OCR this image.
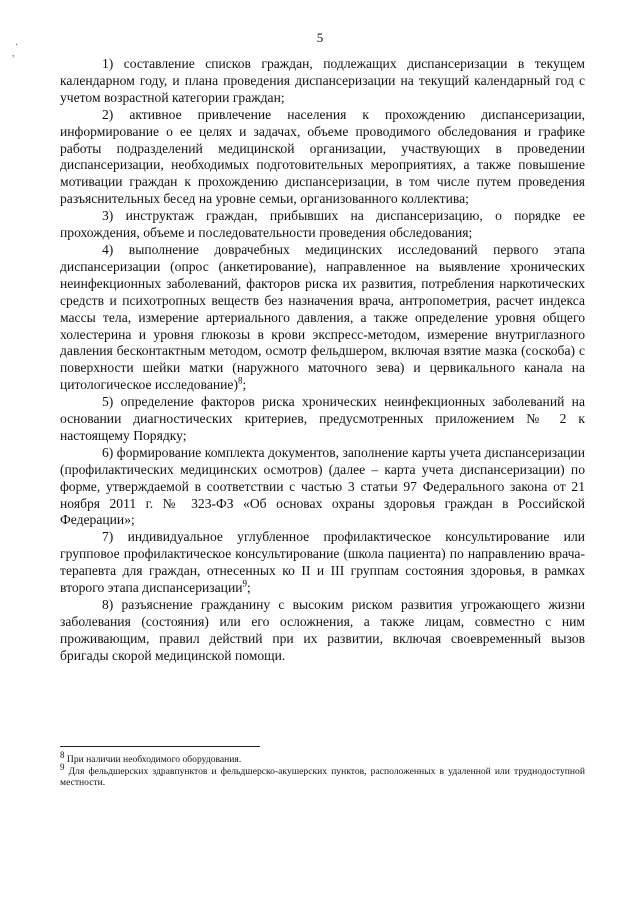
·
,
5

1) составление списков граждан, подлежащих диспансеризации в текущем календарном году, и плана проведения диспансеризации на текущий календарный год с учетом возрастной категории граждан;

2) активное привлечение населения к прохождению диспансеризации, информирование о ее целях и задачах, объеме проводимого обследования и графике работы подразделений медицинской организации, участвующих в проведении диспансеризации, необходимых подготовительных мероприятиях, а также повышение мотивации граждан к прохождению диспансеризации, в том числе путем проведения разъяснительных бесед на уровне семьи, организованного коллектива;

3) инструктаж граждан, прибывших на диспансеризацию, о порядке ее прохождения, объеме и последовательности проведения обследования;

4) выполнение доврачебных медицинских исследований первого этапа диспансеризации (опрос (анкетирование), направленное на выявление хронических неинфекционных заболеваний, факторов риска их развития, потребления наркотических средств и психотропных веществ без назначения врача, антропометрия, расчет индекса массы тела, измерение артериального давления, а также определение уровня общего холестерина и уровня глюкозы в крови экспресс-методом, измерение внутриглазного давления бесконтактным методом, осмотр фельдшером, включая взятие мазка (соскоба) с поверхности шейки матки (наружного маточного зева) и цервикального канала на цитологическое исследование)$^8$;

5) определение факторов риска хронических неинфекционных заболеваний на основании диагностических критериев, предусмотренных приложением № 2 к настоящему Порядку;

6) формирование комплекта документов, заполнение карты учета диспансеризации (профилактических медицинских осмотров) (далее – карта учета диспансеризации) по форме, утверждаемой в соответствии с частью 3 статьи 97 Федерального закона от 21 ноября 2011 г. № 323-ФЗ «Об основах охраны здоровья граждан в Российской Федерации»;

7) индивидуальное углубленное профилактическое консультирование или групповое профилактическое консультирование (школа пациента) по направлению врача-терапевта для граждан, отнесенных ко II и III группам состояния здоровья, в рамках второго этапа диспансеризации$^9$;

8) разъяснение гражданину с высоким риском развития угрожающего жизни заболевания (состояния) или его осложнения, а также лицам, совместно с ним проживающим, правил действий при их развитии, включая своевременный вызов бригады скорой медицинской помощи.

$^8$ При наличии необходимого оборудования.

$^9$ Для фельдшерских здравпунктов и фельдшерско-акушерских пунктов, расположенных в удаленной или труднодоступной местности.
